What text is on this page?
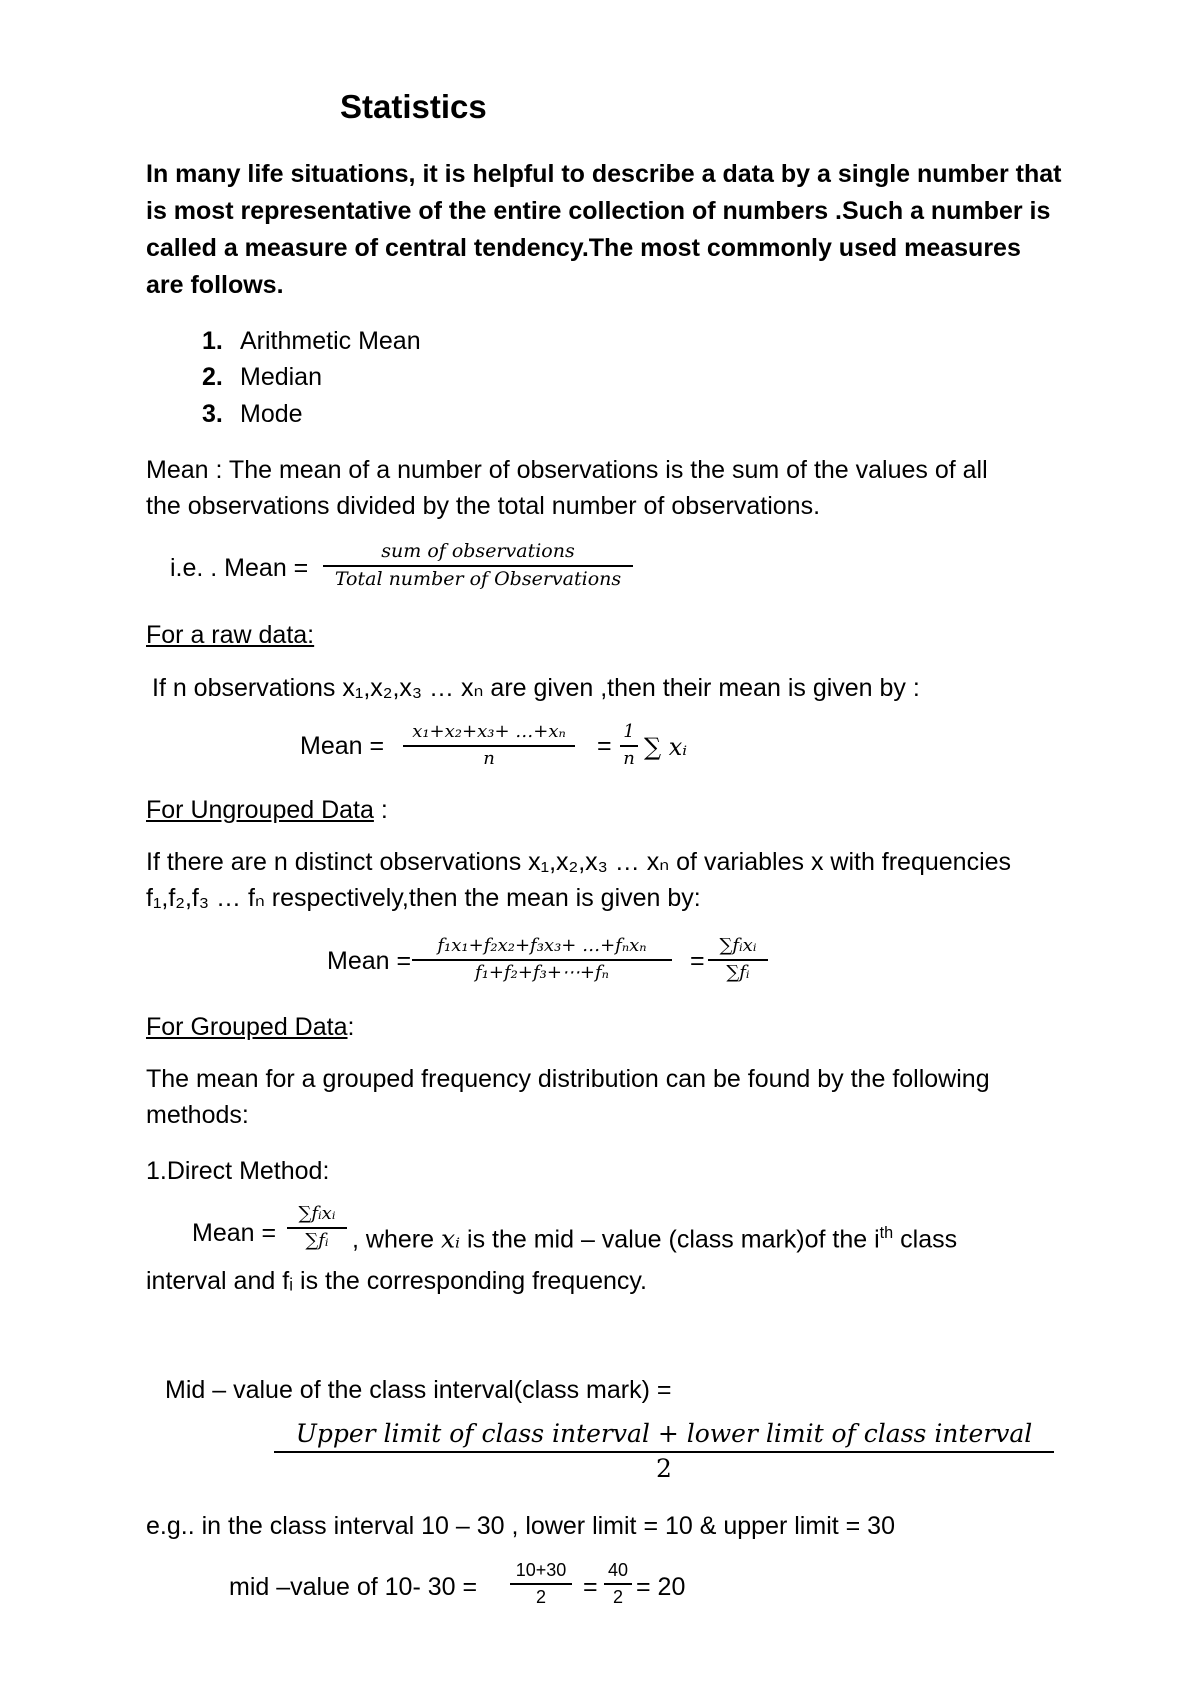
Statistics
In many life situations, it is helpful to describe a data by a single number that
is most representative of the entire collection of numbers .Such a number is
called a measure of central tendency.The most commonly used measures
are follows.
1. Arithmetic Mean
2. Median
3. Mode
Mean : The mean of a number of observations is the sum of the values of all
the observations divided by the total number of observations.
i.e. . Mean =
sum of observations
Total number of Observations
For a raw data:
If n observations x₁,x₂,x₃ … xₙ are given ,then their mean is given by :
Mean =
x₁+x₂+x₃+ …+xₙ
n	=
1
n ∑ xᵢ
For Ungrouped Data :
If there are n distinct observations x₁,x₂,x₃ … xₙ of variables x with frequencies
f₁,f₂,f₃ … fₙ respectively,then the mean is given by:
Mean =
f₁x₁+f₂x₂+f₃x₃+ …+fₙxₙ
f₁+f₂+f₃+⋯+fₙ	=
∑fᵢxᵢ
∑fᵢ
For Grouped Data:
The mean for a grouped frequency distribution can be found by the following
methods:
1.Direct Method:
Mean =
∑fᵢxᵢ
∑fᵢ , where xᵢ is the mid – value (class mark)of the $i^{th}$ class
interval and fᵢ is the corresponding frequency.
Mid – value of the class interval(class mark) =
Upper limit of class interval + lower limit of class interval
2
e.g.. in the class interval 10 – 30 , lower limit = 10 & upper limit = 30
mid –value of 10- 30 =
10+30
2 =
40
2 = 20
